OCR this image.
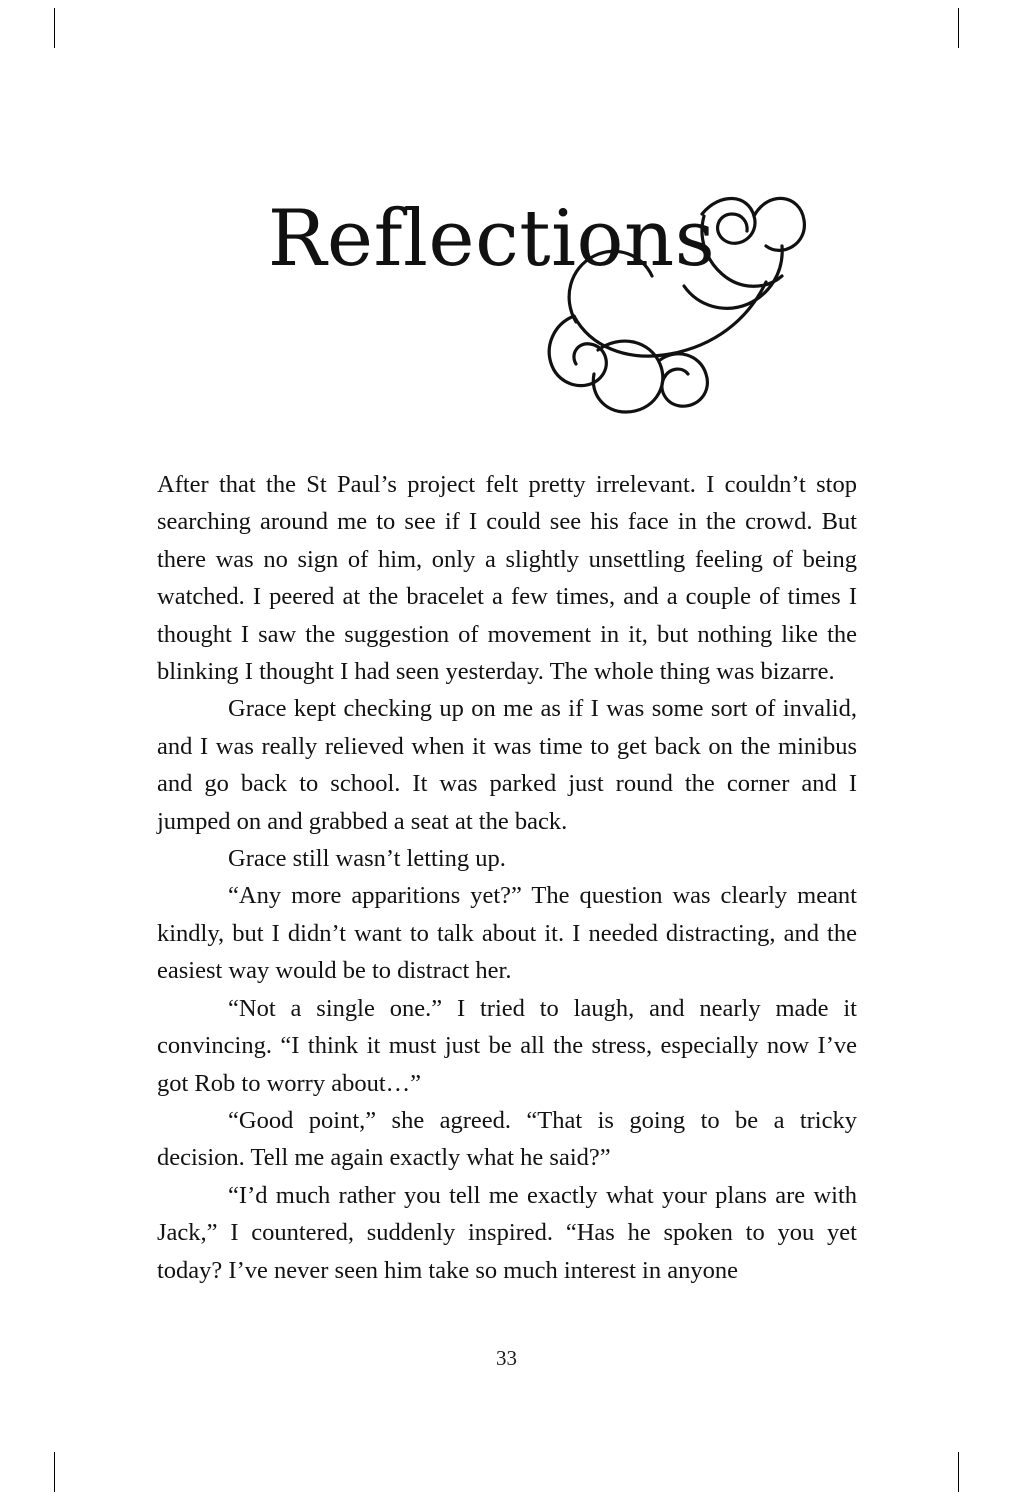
Reflections

After that the St Paul’s project felt pretty irrelevant. I couldn’t stop searching around me to see if I could see his face in the crowd. But there was no sign of him, only a slightly unsettling feeling of being watched. I peered at the bracelet a few times, and a couple of times I thought I saw the suggestion of movement in it, but nothing like the blinking I thought I had seen yesterday. The whole thing was bizarre.

Grace kept checking up on me as if I was some sort of invalid, and I was really relieved when it was time to get back on the minibus and go back to school. It was parked just round the corner and I jumped on and grabbed a seat at the back.

Grace still wasn’t letting up.

“Any more apparitions yet?” The question was clearly meant kindly, but I didn’t want to talk about it. I needed distracting, and the easiest way would be to distract her.

“Not a single one.” I tried to laugh, and nearly made it convincing. “I think it must just be all the stress, especially now I’ve got Rob to worry about…”

“Good point,” she agreed. “That is going to be a tricky decision. Tell me again exactly what he said?”

“I’d much rather you tell me exactly what your plans are with Jack,” I countered, suddenly inspired. “Has he spoken to you yet today? I’ve never seen him take so much interest in anyone

33
